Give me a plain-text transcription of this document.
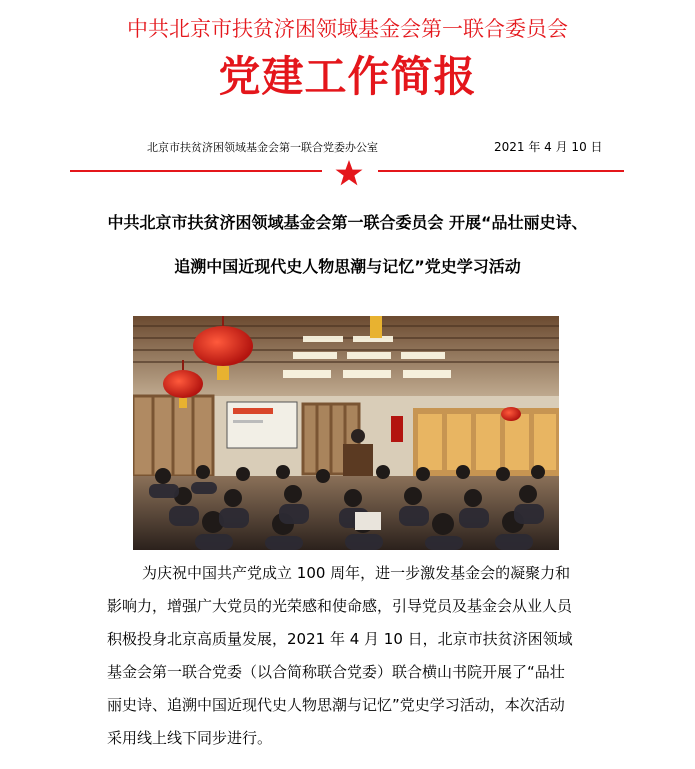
中共北京市扶贫济困领域基金会第一联合委员会
党建工作简报
北京市扶贫济困领域基金会第一联合党委办公室	2021 年 4 月 10 日
中共北京市扶贫济困领域基金会第一联合委员会 开展“品壮丽史诗、
追溯中国近现代史人物思潮与记忆”党史学习活动
为庆祝中国共产党成立 100 周年，进一步激发基金会的凝聚力和
影响力，增强广大党员的光荣感和使命感，引导党员及基金会从业人员
积极投身北京高质量发展，2021 年 4 月 10 日，北京市扶贫济困领域
基金会第一联合党委（以合简称联合党委）联合横山书院开展了“品壮
丽史诗、追溯中国近现代史人物思潮与记忆”党史学习活动，本次活动
采用线上线下同步进行。
